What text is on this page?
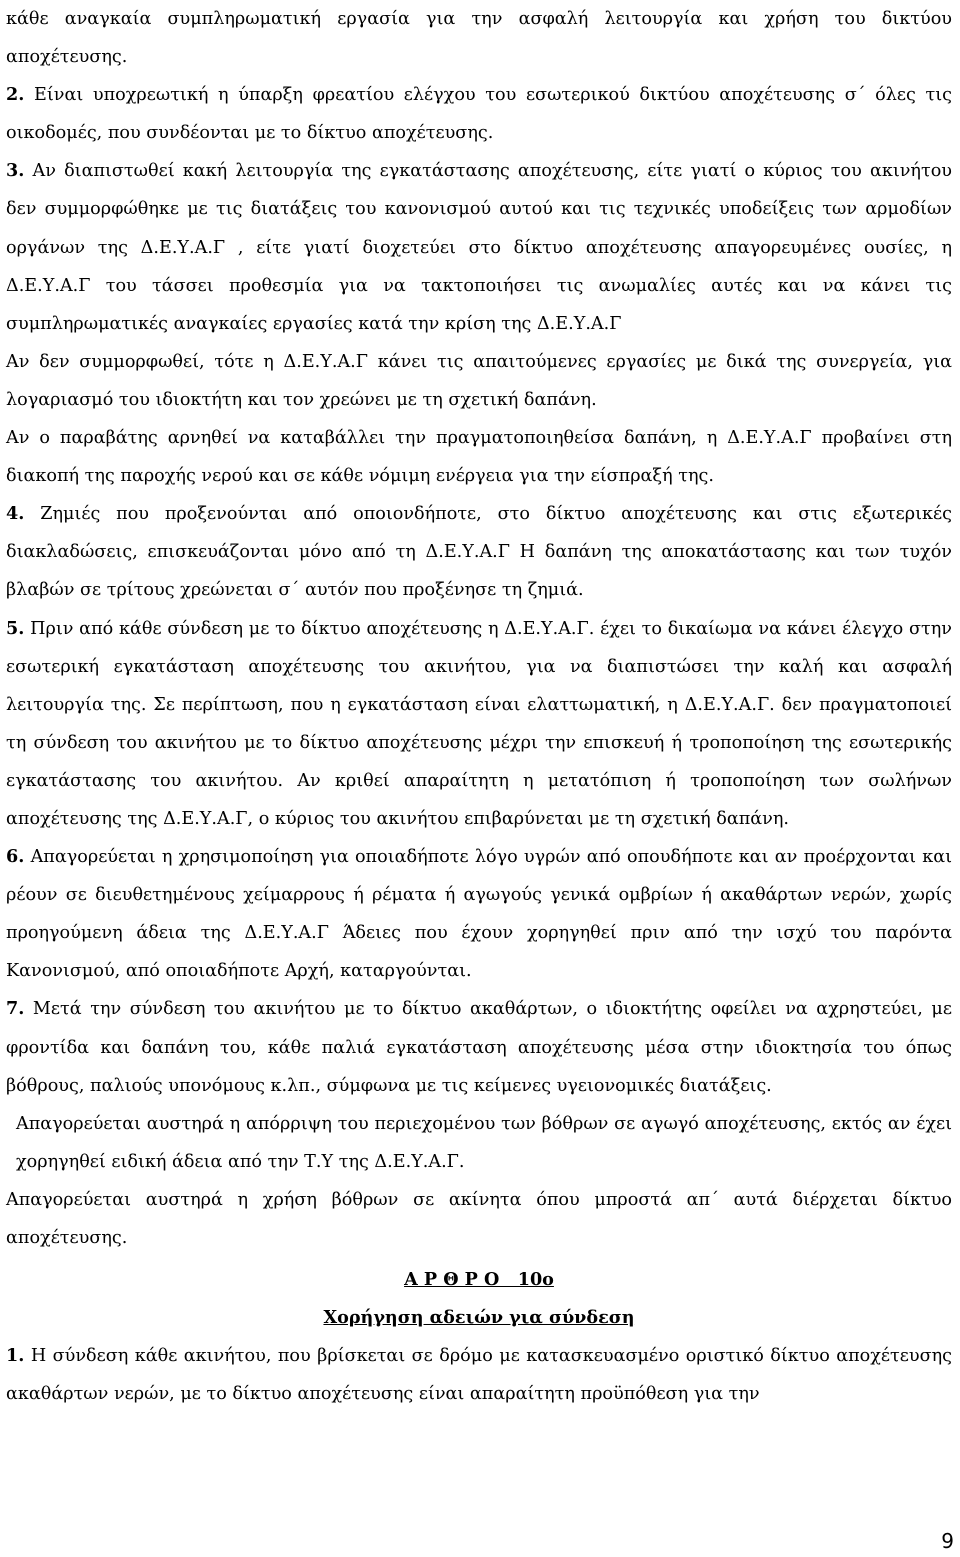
κάθε αναγκαία συμπληρωματική εργασία για την ασφαλή λειτουργία και χρήση του δικτύου αποχέτευσης.

2. Είναι υποχρεωτική η ύπαρξη φρεατίου ελέγχου του εσωτερικού δικτύου αποχέτευσης σ΄ όλες τις οικοδομές, που συνδέονται με το δίκτυο αποχέτευσης.

3. Αν διαπιστωθεί κακή λειτουργία της εγκατάστασης αποχέτευσης, είτε γιατί ο κύριος του ακινήτου δεν συμμορφώθηκε με τις διατάξεις του κανονισμού αυτού και τις τεχνικές υποδείξεις των αρμοδίων οργάνων της Δ.Ε.Υ.Α.Γ , είτε γιατί διοχετεύει στο δίκτυο αποχέτευσης απαγορευμένες ουσίες, η Δ.Ε.Υ.Α.Γ του τάσσει προθεσμία για να τακτοποιήσει τις ανωμαλίες αυτές και να κάνει τις συμπληρωματικές αναγκαίες εργασίες κατά την κρίση της Δ.Ε.Υ.Α.Γ

Αν δεν συμμορφωθεί, τότε η Δ.Ε.Υ.Α.Γ κάνει τις απαιτούμενες εργασίες με δικά της συνεργεία, για λογαριασμό του ιδιοκτήτη και τον χρεώνει με τη σχετική δαπάνη.

Αν ο παραβάτης αρνηθεί να καταβάλλει την πραγματοποιηθείσα δαπάνη, η Δ.Ε.Υ.Α.Γ προβαίνει στη διακοπή της παροχής νερού και σε κάθε νόμιμη ενέργεια για την είσπραξή της.

4. Ζημιές που προξενούνται από οποιονδήποτε, στο δίκτυο αποχέτευσης και στις εξωτερικές διακλαδώσεις, επισκευάζονται μόνο από τη Δ.Ε.Υ.Α.Γ Η δαπάνη της αποκατάστασης και των τυχόν βλαβών σε τρίτους χρεώνεται σ΄ αυτόν που προξένησε τη ζημιά.

5. Πριν από κάθε σύνδεση με το δίκτυο αποχέτευσης η Δ.Ε.Υ.Α.Γ. έχει το δικαίωμα να κάνει έλεγχο στην εσωτερική εγκατάσταση αποχέτευσης του ακινήτου, για να διαπιστώσει την καλή και ασφαλή λειτουργία της. Σε περίπτωση, που η εγκατάσταση είναι ελαττωματική, η Δ.Ε.Υ.Α.Γ. δεν πραγματοποιεί τη σύνδεση του ακινήτου με το δίκτυο αποχέτευσης μέχρι την επισκευή ή τροποποίηση της εσωτερικής εγκατάστασης του ακινήτου. Αν κριθεί απαραίτητη η μετατόπιση ή τροποποίηση των σωλήνων αποχέτευσης της Δ.Ε.Υ.Α.Γ, ο κύριος του ακινήτου επιβαρύνεται με τη σχετική δαπάνη.

6. Απαγορεύεται η χρησιμοποίηση για οποιαδήποτε λόγο υγρών από οπουδήποτε και αν προέρχονται και ρέουν σε διευθετημένους χείμαρρους ή ρέματα ή αγωγούς γενικά ομβρίων ή ακαθάρτων νερών, χωρίς προηγούμενη άδεια της Δ.Ε.Υ.Α.Γ Άδειες που έχουν χορηγηθεί πριν από την ισχύ του παρόντα Κανονισμού, από οποιαδήποτε Αρχή, καταργούνται.

7. Μετά την σύνδεση του ακινήτου με το δίκτυο ακαθάρτων, ο ιδιοκτήτης οφείλει να αχρηστεύει, με φροντίδα και δαπάνη του, κάθε παλιά εγκατάσταση αποχέτευσης μέσα στην ιδιοκτησία του όπως βόθρους, παλιούς υπονόμους κ.λπ., σύμφωνα με τις κείμενες υγειονομικές διατάξεις.

Απαγορεύεται αυστηρά η απόρριψη του περιεχομένου των βόθρων σε αγωγό αποχέτευσης, εκτός αν έχει χορηγηθεί ειδική άδεια από την Τ.Υ της Δ.Ε.Υ.Α.Γ.

Απαγορεύεται αυστηρά η χρήση βόθρων σε ακίνητα όπου μπροστά απ΄ αυτά διέρχεται δίκτυο αποχέτευσης.

Α Ρ Θ Ρ Ο   10ο

Χορήγηση αδειών για σύνδεση

1. Η σύνδεση κάθε ακινήτου, που βρίσκεται σε δρόμο με κατασκευασμένο οριστικό δίκτυο αποχέτευσης ακαθάρτων νερών, με το δίκτυο αποχέτευσης είναι απαραίτητη προϋπόθεση για την

9
